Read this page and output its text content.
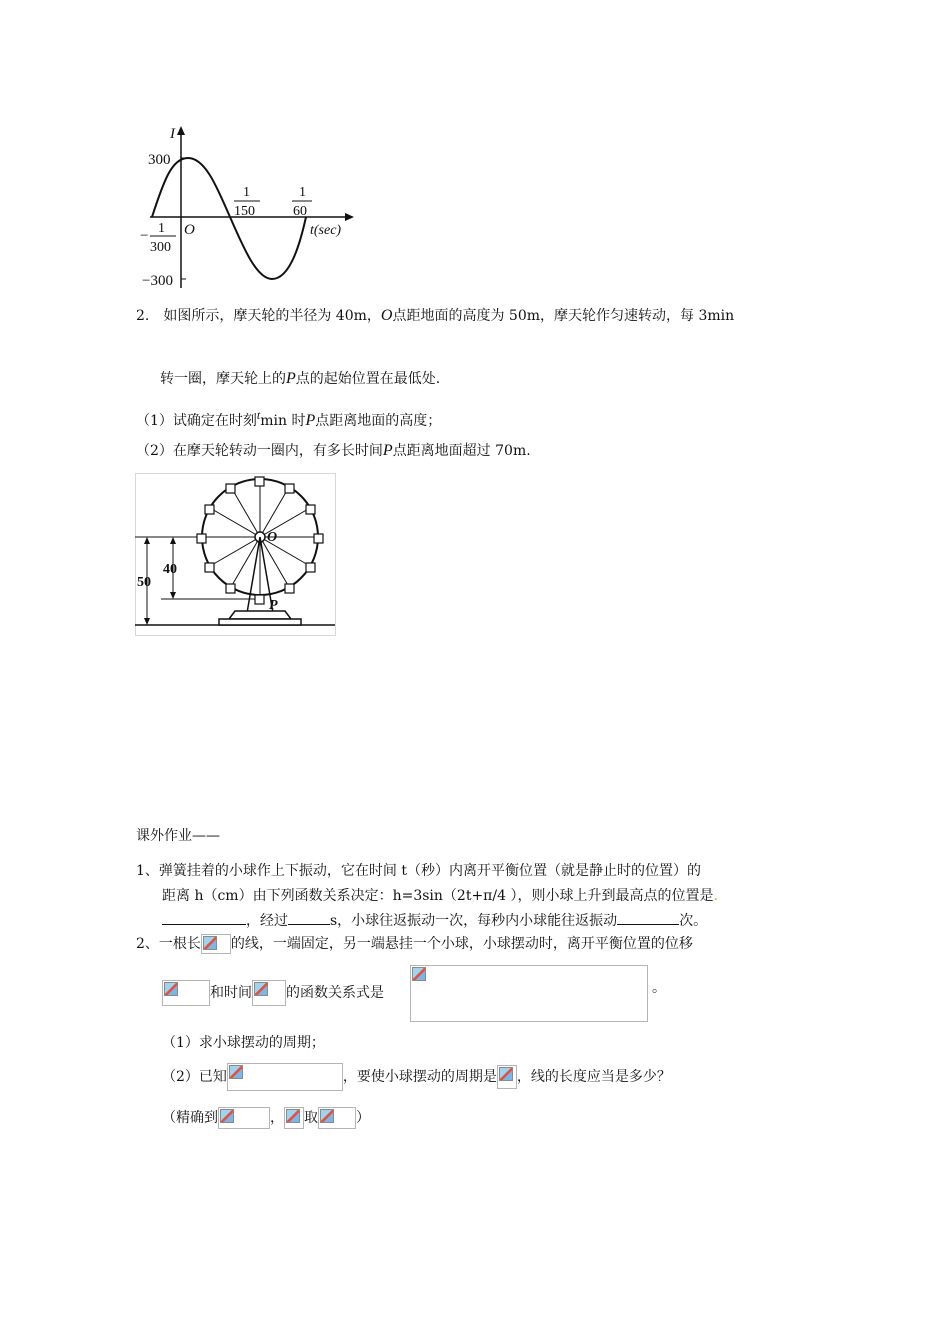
I
300
−300
O	t(sec)
− 1
300
1
150
1
60
2. 如图所示，摩天轮的半径为 40m，O点距地面的高度为 50m，摩天轮作匀速转动，每 3min
转一圈，摩天轮上的P点的起始位置在最低处.
（1）试确定在时刻tmin 时P点距离地面的高度；
（2）在摩天轮转动一圈内，有多长时间P点距离地面超过 70m.
50
40
O
P
课外作业——
1、弹簧挂着的小球作上下振动，它在时间 t（秒）内离开平衡位置（就是静止时的位置）的
距离 h（cm）由下列函数关系决定：h=3sin（2t+π/4 ），则小球上升到最高点的位置是.
，经过	s，小球往返振动一次，每秒内小球能往返振动	次。
2、一根长 的线，一端固定，另一端悬挂一个小球，小球摆动时，离开平衡位置的位移
和时间 的函数关系式是	。
（1）求小球摆动的周期；
（2）已知	，要使小球摆动的周期是 ，线的长度应当是多少？
（精确到	， 取	）
